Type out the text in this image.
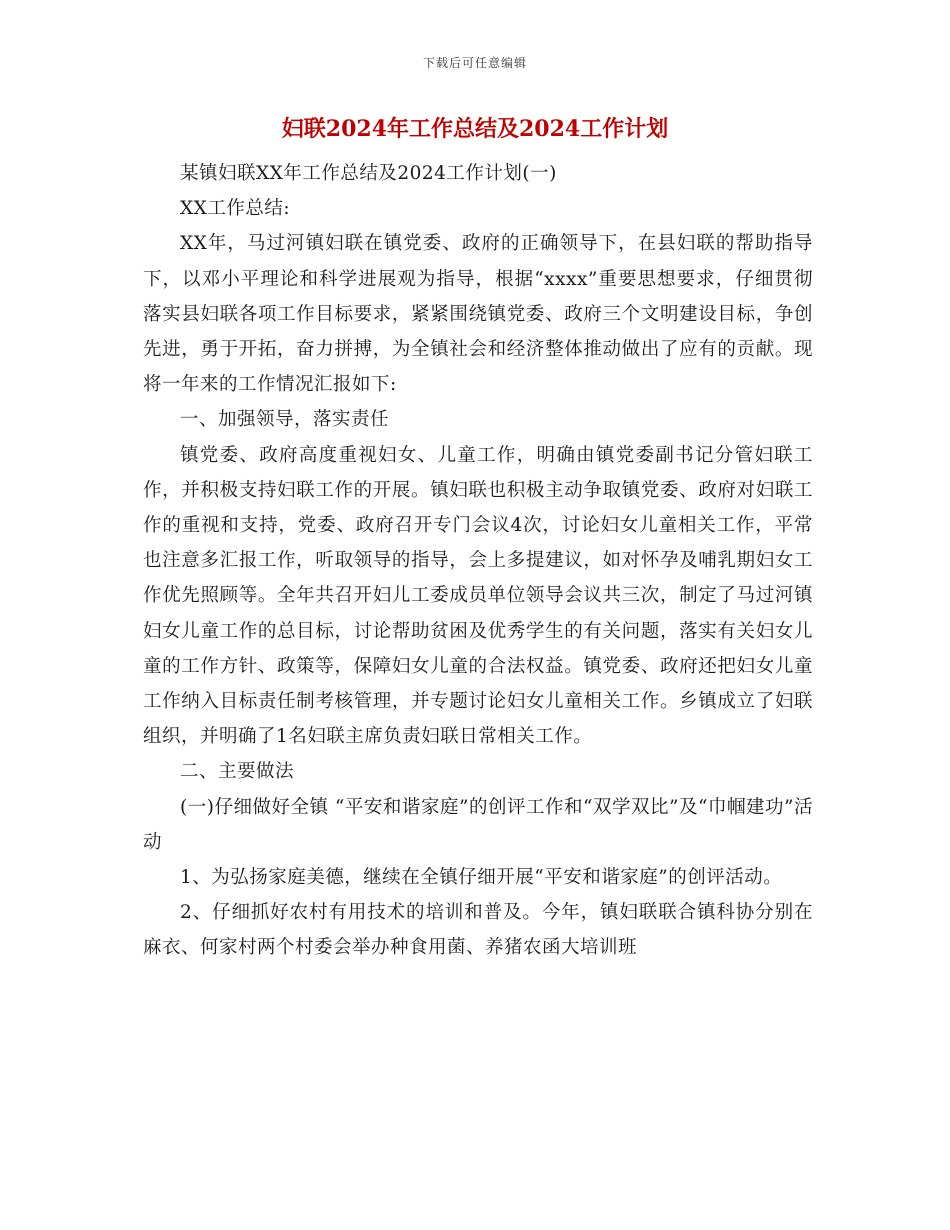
下载后可任意编辑
妇联2024年工作总结及2024工作计划

某镇妇联XX年工作总结及2024工作计划(一)

XX工作总结:

XX年，马过河镇妇联在镇党委、政府的正确领导下，在县妇联的帮助指导下，以邓小平理论和科学进展观为指导，根据“xxxx”重要思想要求，仔细贯彻落实县妇联各项工作目标要求，紧紧围绕镇党委、政府三个文明建设目标，争创先进，勇于开拓，奋力拼搏，为全镇社会和经济整体推动做出了应有的贡献。现将一年来的工作情况汇报如下:

一、加强领导，落实责任

镇党委、政府高度重视妇女、儿童工作，明确由镇党委副书记分管妇联工作，并积极支持妇联工作的开展。镇妇联也积极主动争取镇党委、政府对妇联工作的重视和支持，党委、政府召开专门会议4次，讨论妇女儿童相关工作，平常也注意多汇报工作，听取领导的指导，会上多提建议，如对怀孕及哺乳期妇女工作优先照顾等。全年共召开妇儿工委成员单位领导会议共三次，制定了马过河镇妇女儿童工作的总目标，讨论帮助贫困及优秀学生的有关问题，落实有关妇女儿童的工作方针、政策等，保障妇女儿童的合法权益。镇党委、政府还把妇女儿童工作纳入目标责任制考核管理，并专题讨论妇女儿童相关工作。乡镇成立了妇联组织，并明确了1名妇联主席负责妇联日常相关工作。

二、主要做法

(一)仔细做好全镇 “平安和谐家庭”的创评工作和“双学双比”及“巾帼建功”活动

1、为弘扬家庭美德，继续在全镇仔细开展“平安和谐家庭”的创评活动。

2、仔细抓好农村有用技术的培训和普及。今年，镇妇联联合镇科协分别在麻衣、何家村两个村委会举办种食用菌、养猪农函大培训班
